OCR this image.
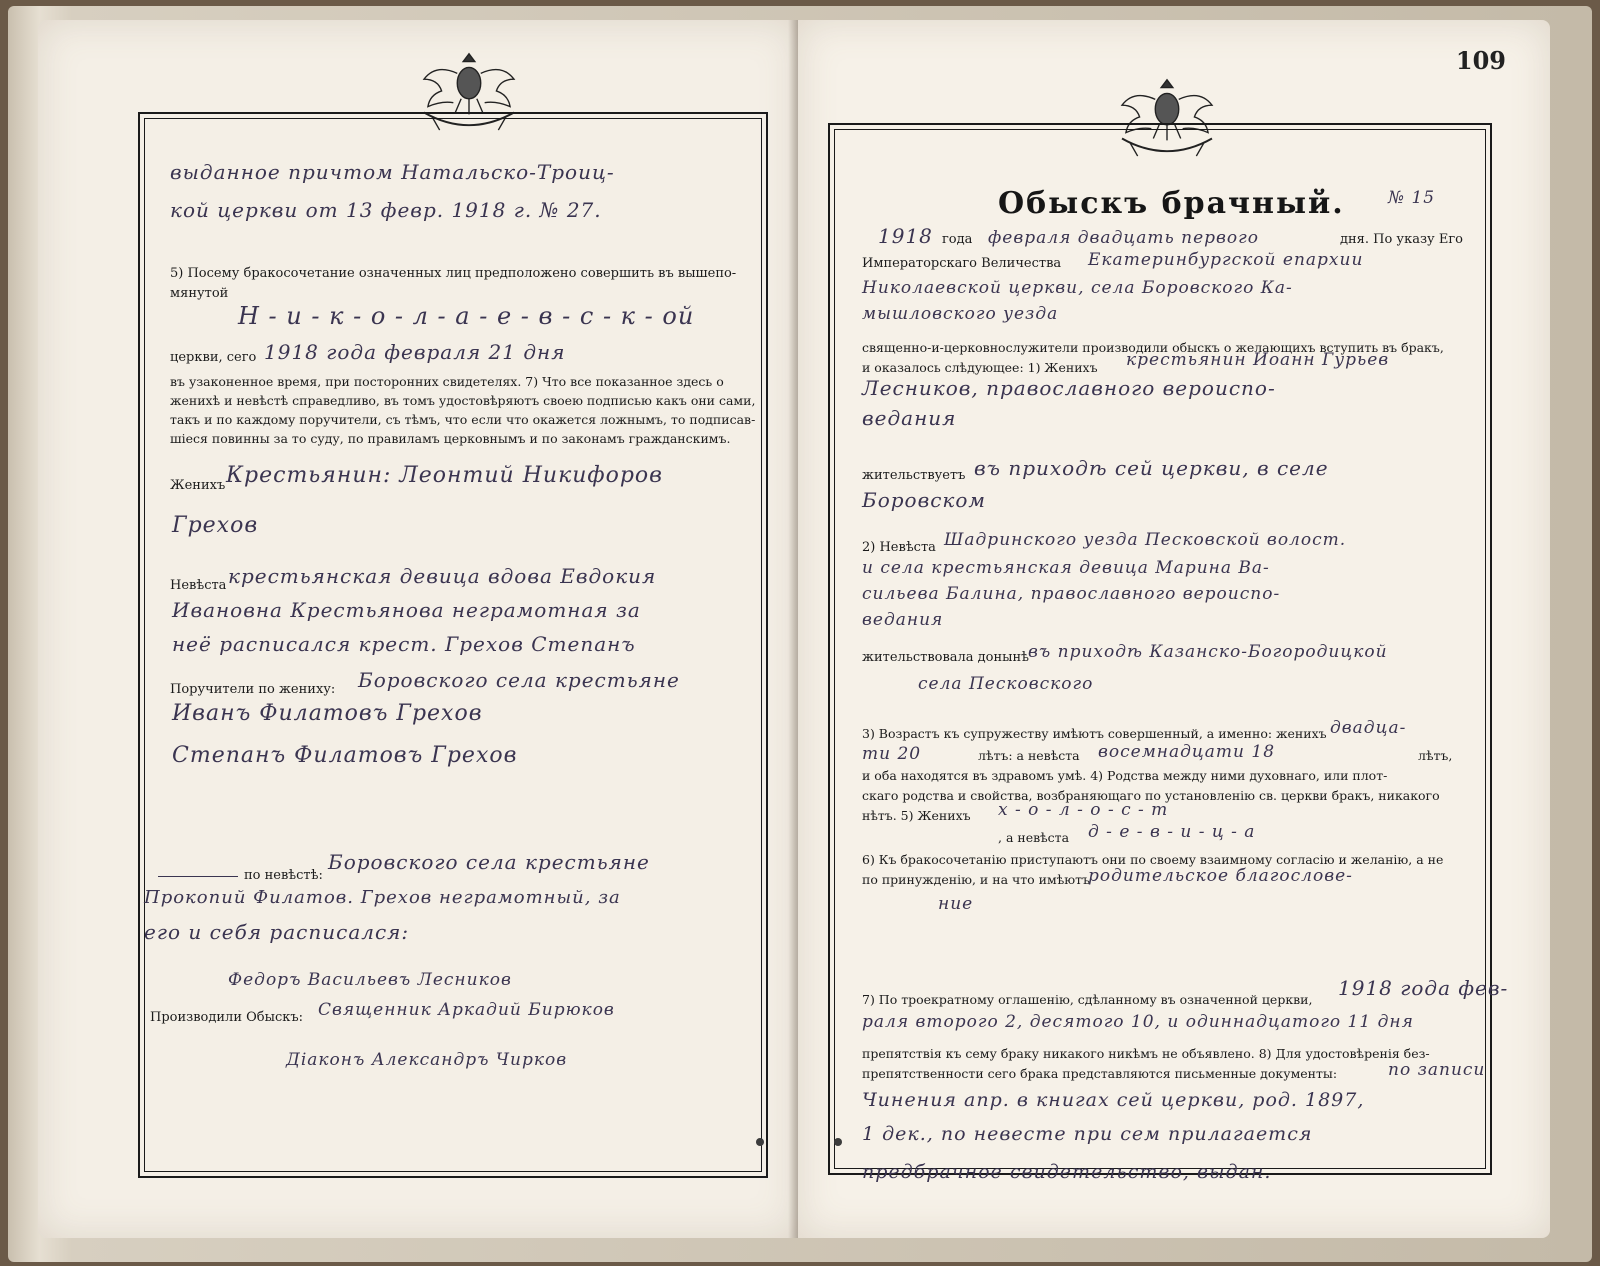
выданное причтом Натальско-Троиц-
кой церкви от 13 февр. 1918 г. № 27.
5) Посему бракосочетание означенных лиц предположено совершить въ вышепо-
мянутой
Н - и - к - о - л - а - е - в - с - к - ой
церкви, сего 1918 года февраля 21 дня
въ узаконенное время, при посторонних свидетелях. 7) Что все показанное здесь о
женихѣ и невѣстѣ справедливо, въ томъ удостовѣряютъ своею подписью какъ они сами,
такъ и по каждому поручители, съ тѣмъ, что если что окажется ложнымъ, то подписав-
шiеся повинны за то суду, по правиламъ церковнымъ и по законамъ гражданскимъ.
Женихъ Крестьянин: Леонтий Никифоров
Грехов
Невѣста крестьянская девица вдова Евдокия
Ивановна Крестьянова неграмотная за
неё расписался крест. Грехов Степанъ
Поручители по жениху: Боровского села крестьяне
Иванъ Филатовъ Грехов
Степанъ Филатовъ Грехов
по невѣстѣ:
Боровского села крестьяне
Прокопий Филатов. Грехов неграмотный, за
его и себя расписался:
Федоръ Васильевъ Лесников
Производили Обыскъ: Священник Аркадий Бирюков
Дiаконъ Александръ Чирков
109
Обыскъ брачный.	№ 15
1918 года февраля двадцать первого	дня. По указу Его
Императорскаго Величества Екатеринбургской епархии
Николаевской церкви, села Боровского Ка-
мышловского уезда
священно-и-церковнослужители производили обыскъ о желающихъ вступить въ бракъ,
и оказалось слѣдующее: 1) Женихъ крестьянин Иоанн Гурьев
Лесников, православного вероиспо-
ведания
жительствуетъ въ приходѣ сей церкви, в селе
Боровском
2) Невѣста Шадринского уезда Песковской волост.
и села крестьянская девица Марина Ва-
сильева Балина, православного вероиспо-
ведания
жительствовала донынѣ
въ приходѣ Казанско-Богородицкой
села Песковского
3) Возрастъ къ супружеству имѣютъ совершенный, а именно: женихъ двадца-
ти 20	лѣтъ: а невѣста восемнадцати 18	лѣтъ,
и оба находятся въ здравомъ умѣ. 4) Родства между ними духовнаго, или плот-
скаго родства и свойства, возбраняющаго по установленiю св. церкви бракъ, никакого
нѣтъ. 5) Женихъ х - о - л - о - с - т
, а невѣста д - е - в - и - ц - а
6) Къ бракосочетанiю приступаютъ они по своему взаимному согласiю и желанiю, а не
по принужденiю, и на что имѣютъ
родительское благослове-
ние
7) По троекратному оглашенiю, сдѣланному въ означенной церкви, 1918 года фев-
раля второго 2, десятого 10, и одиннадцатого 11 дня
препятствiя къ сему браку никакого никѣмъ не объявлено. 8) Для удостовѣренiя без-
препятственности сего брака представляются письменные документы:	по записи
Чинения апр. в книгах сей церкви, род. 1897,
1 дек., по невесте при сем прилагается
предбрачное свидетельство, выдан.
